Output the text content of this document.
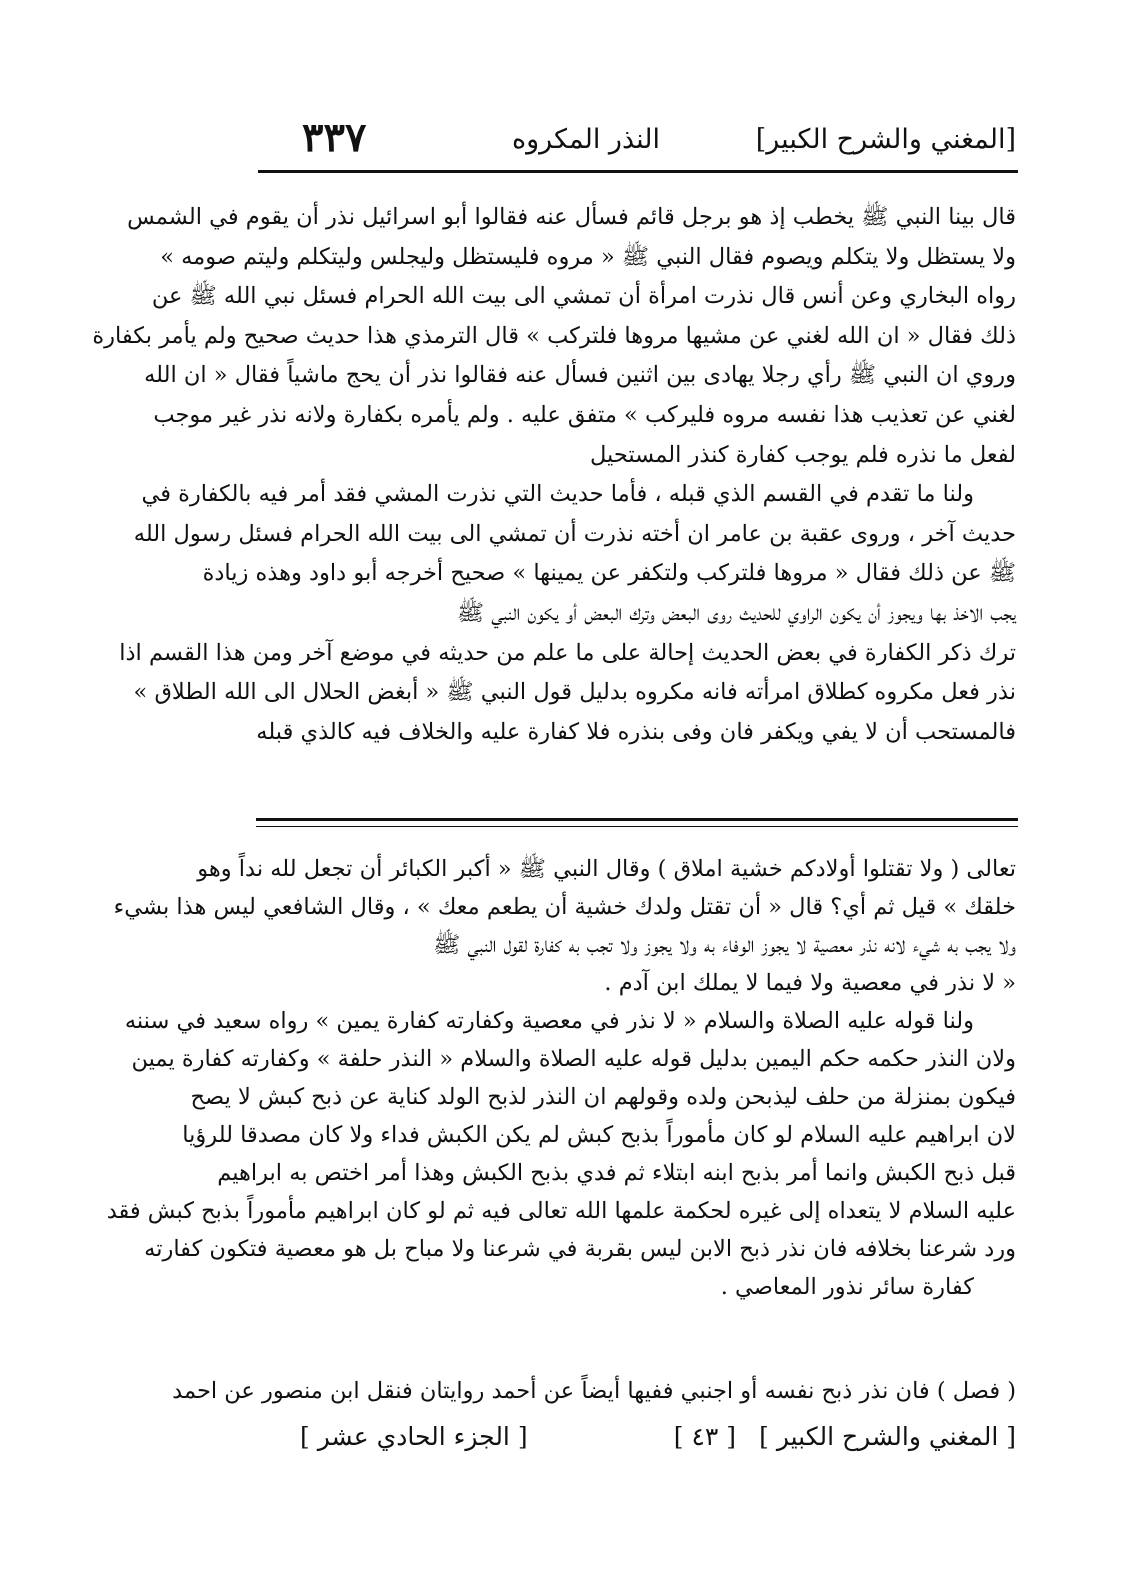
[المغني والشرح الكبير]
النذر المكروه
٣٣٧
قال بينا النبي ﷺ يخطب إذ هو برجل قائم فسأل عنه فقالوا أبو اسرائيل نذر أن يقوم في الشمس
ولا يستظل ولا يتكلم ويصوم فقال النبي ﷺ « مروه فليستظل وليجلس وليتكلم وليتم صومه »
رواه البخاري وعن أنس قال نذرت امرأة أن تمشي الى بيت الله الحرام فسئل نبي الله ﷺ عن
ذلك فقال « ان الله لغني عن مشيها مروها فلتركب » قال الترمذي هذا حديث صحيح ولم يأمر بكفارة
وروي ان النبي ﷺ رأي رجلا يهادى بين اثنين فسأل عنه فقالوا نذر أن يحج ماشياً فقال « ان الله
لغني عن تعذيب هذا نفسه مروه فليركب » متفق عليه . ولم يأمره بكفارة ولانه نذر غير موجب
لفعل ما نذره فلم يوجب كفارة كنذر المستحيل
ولنا ما تقدم في القسم الذي قبله ، فأما حديث التي نذرت المشي فقد أمر فيه بالكفارة في
حديث آخر ، وروى عقبة بن عامر ان أخته نذرت أن تمشي الى بيت الله الحرام فسئل رسول الله
ﷺ عن ذلك فقال « مروها فلتركب ولتكفر عن يمينها » صحيح أخرجه أبو داود وهذه زيادة
يجب الاخذ بها ويجوز أن يكون الراوي للحديث روى البعض وترك البعض أو يكون النبي ﷺ
ترك ذكر الكفارة في بعض الحديث إحالة على ما علم من حديثه في موضع آخر ومن هذا القسم اذا
نذر فعل مكروه كطلاق امرأته فانه مكروه بدليل قول النبي ﷺ « أبغض الحلال الى الله الطلاق »
فالمستحب أن لا يفي ويكفر فان وفى بنذره فلا كفارة عليه والخلاف فيه كالذي قبله
تعالى ( ولا تقتلوا أولادكم خشية املاق ) وقال النبي ﷺ « أكبر الكبائر أن تجعل لله نداً وهو
خلقك » قيل ثم أي؟ قال « أن تقتل ولدك خشية أن يطعم معك » ، وقال الشافعي ليس هذا بشيء
ولا يجب به شيء لانه نذر معصية لا يجوز الوفاء به ولا يجوز ولا تجب به كفارة لقول النبي ﷺ
« لا نذر في معصية ولا فيما لا يملك ابن آدم .
ولنا قوله عليه الصلاة والسلام « لا نذر في معصية وكفارته كفارة يمين » رواه سعيد في سننه
ولان النذر حكمه حكم اليمين بدليل قوله عليه الصلاة والسلام « النذر حلفة » وكفارته كفارة يمين
فيكون بمنزلة من حلف ليذبحن ولده وقولهم ان النذر لذبح الولد كناية عن ذبح كبش لا يصح
لان ابراهيم عليه السلام لو كان مأموراً بذبح كبش لم يكن الكبش فداء ولا كان مصدقا للرؤيا
قبل ذبح الكبش وانما أمر بذبح ابنه ابتلاء ثم فدي بذبح الكبش وهذا أمر اختص به ابراهيم
عليه السلام لا يتعداه إلى غيره لحكمة علمها الله تعالى فيه ثم لو كان ابراهيم مأموراً بذبح كبش فقد
ورد شرعنا بخلافه فان نذر ذبح الابن ليس بقربة في شرعنا ولا مباح بل هو معصية فتكون كفارته
كفارة سائر نذور المعاصي .
( فصل ) فان نذر ذبح نفسه أو اجنبي ففيها أيضاً عن أحمد روايتان فنقل ابن منصور عن احمد
[ المغني والشرح الكبير ]
[ ٤٣ ]
[ الجزء الحادي عشر ]
